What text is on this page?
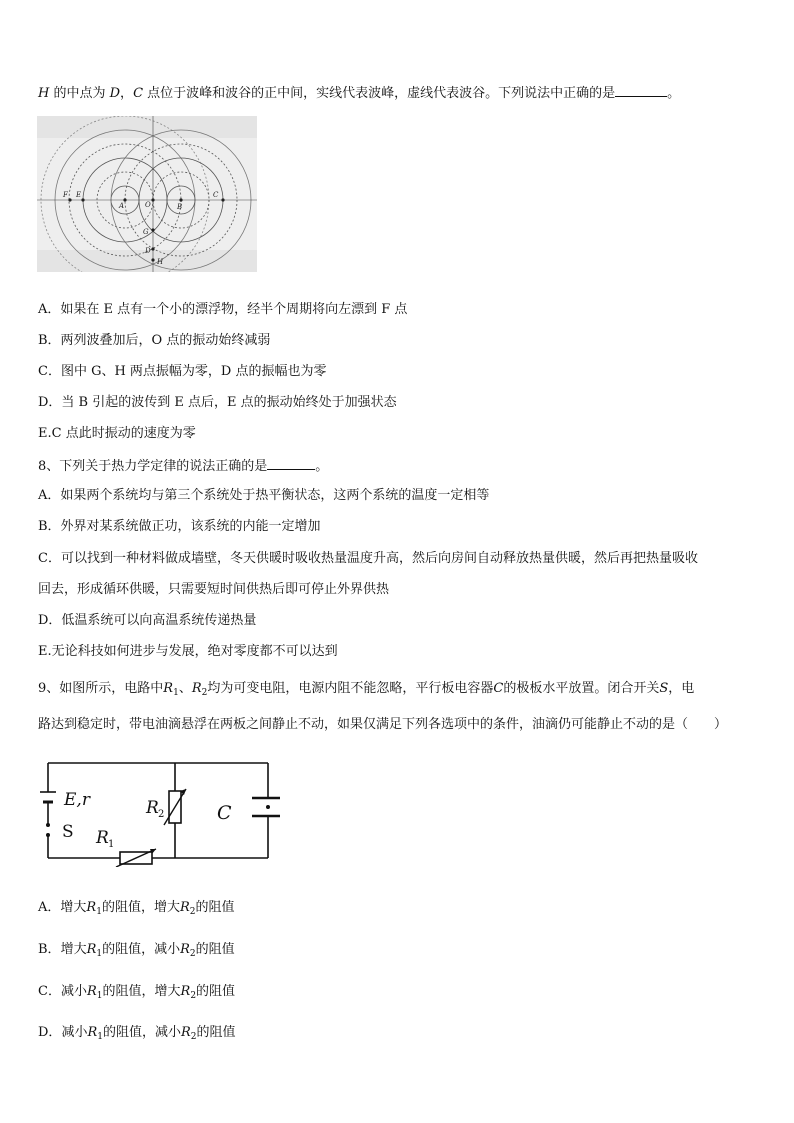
H 的中点为 D，C 点位于波峰和波谷的正中间，实线代表波峰，虚线代表波谷。下列说法中正确的是	。
F E
A	O	B
C
G
D
H
A．如果在 E 点有一个小的漂浮物，经半个周期将向左漂到 F 点
B．两列波叠加后，O 点的振动始终减弱
C．图中 G、H 两点振幅为零，D 点的振幅也为零
D．当 B 引起的波传到 E 点后，E 点的振动始终处于加强状态
E.C 点此时振动的速度为零
8、下列关于热力学定律的说法正确的是	。
A．如果两个系统均与第三个系统处于热平衡状态，这两个系统的温度一定相等
B．外界对某系统做正功，该系统的内能一定增加
C．可以找到一种材料做成墙壁，冬天供暖时吸收热量温度升高，然后向房间自动释放热量供暖，然后再把热量吸收
回去，形成循环供暖，只需要短时间供热后即可停止外界供热
D．低温系统可以向高温系统传递热量
E.无论科技如何进步与发展，绝对零度都不可以达到
9、如图所示，电路中$R_1$、$R_2$均为可变电阻，电源内阻不能忽略，平行板电容器C的极板水平放置。闭合开关S，电
路达到稳定时，带电油滴悬浮在两板之间静止不动，如果仅满足下列各选项中的条件，油滴仍可能静止不动的是（　　）
E,r
S R 1
R 2	C
A．增大$R_1$的阻值，增大$R_2$的阻值
B．增大$R_1$的阻值，减小$R_2$的阻值
C．减小$R_1$的阻值，增大$R_2$的阻值
D．减小$R_1$的阻值，减小$R_2$的阻值
